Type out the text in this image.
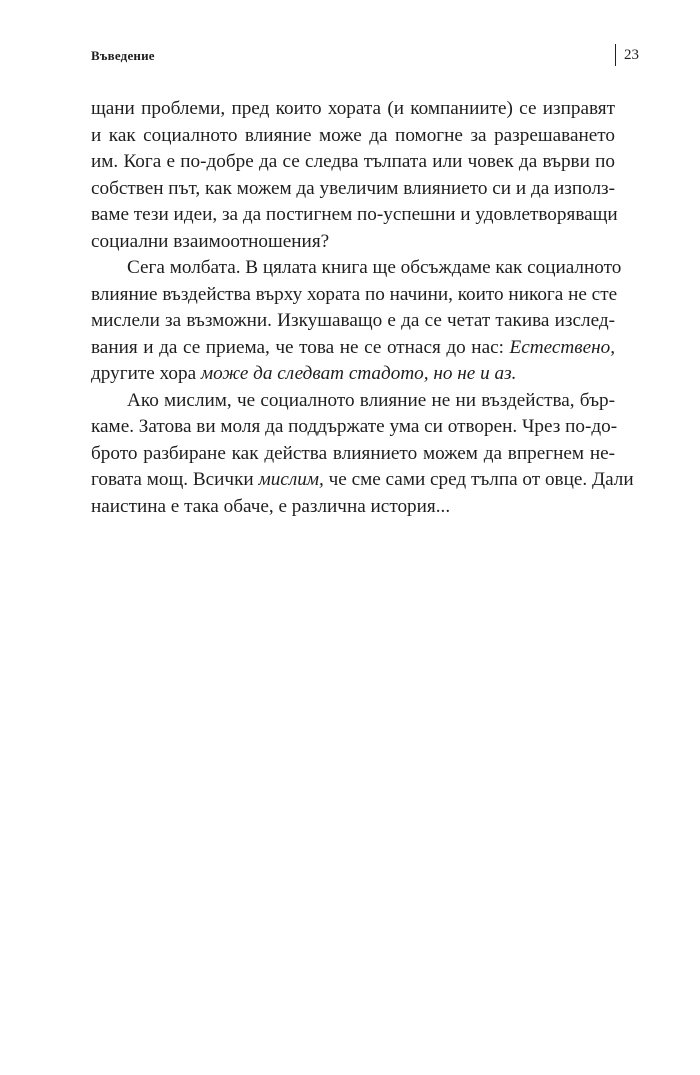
Въведение	23

щани проблеми, пред които хората (и компаниите) се изправят
и как социалното влияние може да помогне за разрешаването
им. Кога е по-добре да се следва тълпата или човек да върви по
собствен път, как можем да увеличим влиянието си и да използ-
ваме тези идеи, за да постигнем по-успешни и удовлетворяващи
социални взаимоотношения?

Сега молбата. В цялата книга ще обсъждаме как социалното
влияние въздейства върху хората по начини, които никога не сте
мислели за възможни. Изкушаващо е да се четат такива изслед-
вания и да се приема, че това не се отнася до нас: Естествено,
другите хора може да следват стадото, но не и аз.

Ако мислим, че социалното влияние не ни въздейства, бър-
каме. Затова ви моля да поддържате ума си отворен. Чрез по-до-
брото разбиране как действа влиянието можем да впрегнем не-
говата мощ. Всички мислим, че сме сами сред тълпа от овце. Дали
наистина е така обаче, е различна история...
